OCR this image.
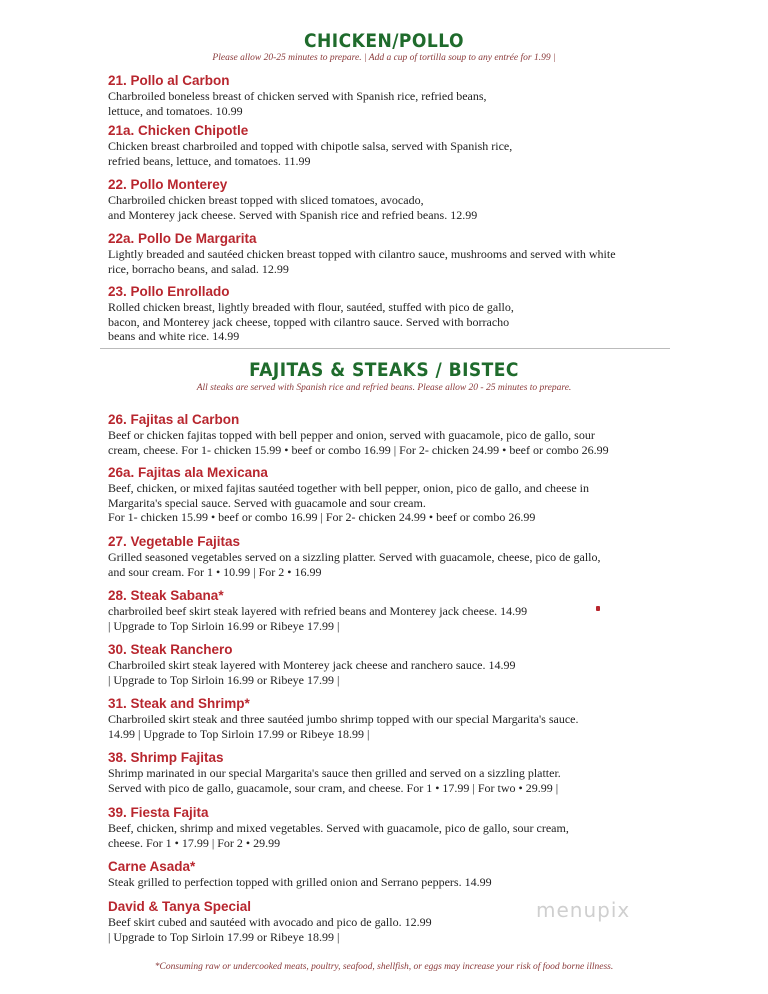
CHICKEN/POLLO
Please allow 20-25 minutes to prepare. | Add a cup of tortilla soup to any entrée for 1.99 |
21. Pollo al Carbon
Charbroiled boneless breast of chicken served with Spanish rice, refried beans,
lettuce, and tomatoes. 10.99
21a. Chicken Chipotle
Chicken breast charbroiled and topped with chipotle salsa, served with Spanish rice,
refried beans, lettuce, and tomatoes. 11.99
22. Pollo Monterey
Charbroiled chicken breast topped with sliced tomatoes, avocado,
and Monterey jack cheese. Served with Spanish rice and refried beans. 12.99
22a. Pollo De Margarita
Lightly breaded and sautéed chicken breast topped with cilantro sauce, mushrooms and served with white
rice, borracho beans, and salad. 12.99
23. Pollo Enrollado
Rolled chicken breast, lightly breaded with flour, sautéed, stuffed with pico de gallo,
bacon, and Monterey jack cheese, topped with cilantro sauce. Served with borracho
beans and white rice. 14.99
FAJITAS & STEAKS / BISTEC
All steaks are served with Spanish rice and refried beans. Please allow 20 - 25 minutes to prepare.
26. Fajitas al Carbon
Beef or chicken fajitas topped with bell pepper and onion, served with guacamole, pico de gallo, sour
cream, cheese. For 1- chicken 15.99 • beef or combo 16.99 | For 2- chicken 24.99 • beef or combo 26.99
26a. Fajitas ala Mexicana
Beef, chicken, or mixed fajitas sautéed together with bell pepper, onion, pico de gallo, and cheese in
Margarita's special sauce. Served with guacamole and sour cream.
For 1- chicken 15.99 • beef or combo 16.99 | For 2- chicken 24.99 • beef or combo 26.99
27. Vegetable Fajitas
Grilled seasoned vegetables served on a sizzling platter. Served with guacamole, cheese, pico de gallo,
and sour cream. For 1 • 10.99 | For 2 • 16.99
28. Steak Sabana*
charbroiled beef skirt steak layered with refried beans and Monterey jack cheese. 14.99
| Upgrade to Top Sirloin 16.99 or Ribeye 17.99 |
30. Steak Ranchero
Charbroiled skirt steak layered with Monterey jack cheese and ranchero sauce. 14.99
| Upgrade to Top Sirloin 16.99 or Ribeye 17.99 |
31. Steak and Shrimp*
Charbroiled skirt steak and three sautéed jumbo shrimp topped with our special Margarita's sauce.
14.99 | Upgrade to Top Sirloin 17.99 or Ribeye 18.99 |
38. Shrimp Fajitas
Shrimp marinated in our special Margarita's sauce then grilled and served on a sizzling platter.
Served with pico de gallo, guacamole, sour cram, and cheese. For 1 • 17.99 | For two • 29.99 |
39. Fiesta Fajita
Beef, chicken, shrimp and mixed vegetables. Served with guacamole, pico de gallo, sour cream,
cheese. For 1 • 17.99 | For 2 • 29.99
Carne Asada*
Steak grilled to perfection topped with grilled onion and Serrano peppers. 14.99
David & Tanya Special
Beef skirt cubed and sautéed with avocado and pico de gallo. 12.99
| Upgrade to Top Sirloin 17.99 or Ribeye 18.99 |
menupix
*Consuming raw or undercooked meats, poultry, seafood, shellfish, or eggs may increase your risk of food borne illness.
